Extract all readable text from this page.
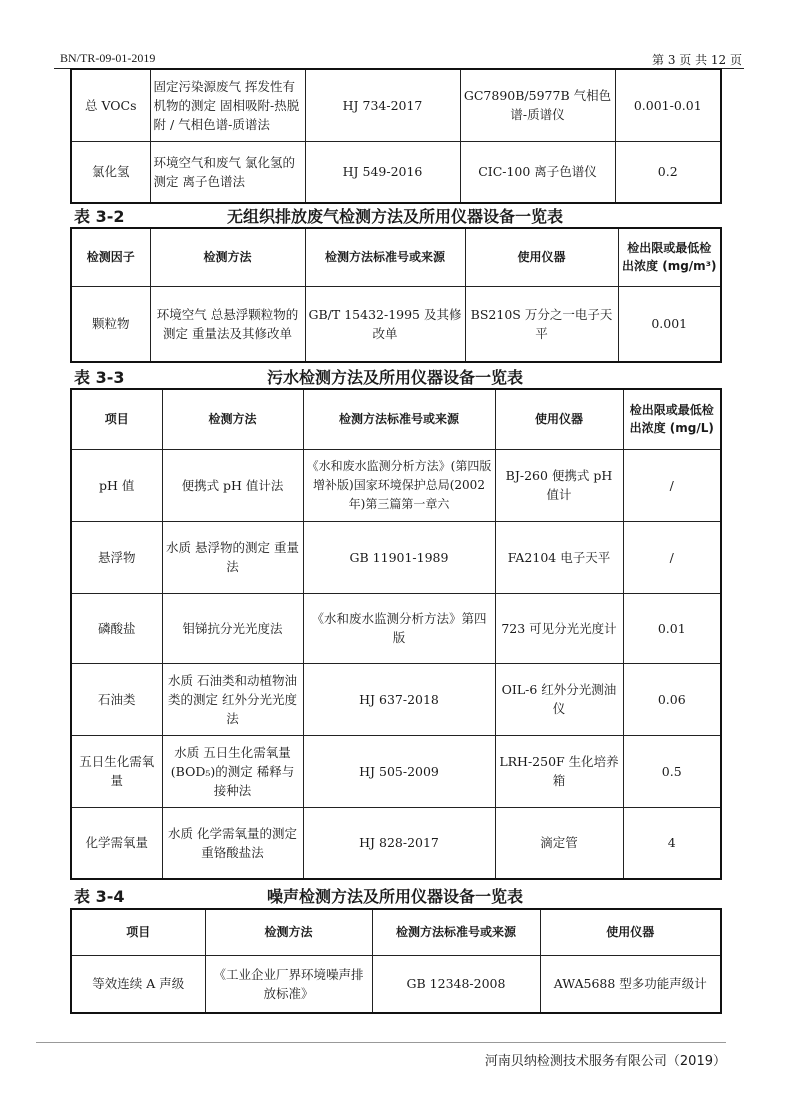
BN/TR-09-01-2019	第 3 页 共 12 页
总 VOCs	固定污染源废气 挥发性有机物的测定 固相吸附-热脱附 / 气相色谱-质谱法	HJ 734-2017	GC7890B/5977B 气相色谱-质谱仪	0.001-0.01
氯化氢	环境空气和废气 氯化氢的测定 离子色谱法	HJ 549-2016	CIC-100 离子色谱仪	0.2
表 3-2	无组织排放废气检测方法及所用仪器设备一览表
检测因子	检测方法	检测方法标准号或来源	使用仪器	检出限或最低检出浓度 (mg/m³)
颗粒物	环境空气 总悬浮颗粒物的测定 重量法及其修改单	GB/T 15432-1995 及其修改单	BS210S 万分之一电子天平	0.001
表 3-3	污水检测方法及所用仪器设备一览表
项目	检测方法	检测方法标准号或来源	使用仪器	检出限或最低检出浓度 (mg/L)
pH 值	便携式 pH 值计法	《水和废水监测分析方法》(第四版增补版)国家环境保护总局(2002 年)第三篇第一章六	BJ-260 便携式 pH 值计	/
悬浮物	水质 悬浮物的测定 重量法	GB 11901-1989	FA2104 电子天平	/
磷酸盐	钼锑抗分光光度法	《水和废水监测分析方法》第四版	723 可见分光光度计	0.01
石油类	水质 石油类和动植物油类的测定 红外分光光度法	HJ 637-2018	OIL-6 红外分光测油仪	0.06
五日生化需氧量	水质 五日生化需氧量(BOD₅)的测定 稀释与接种法	HJ 505-2009	LRH-250F 生化培养箱	0.5
化学需氧量	水质 化学需氧量的测定 重铬酸盐法	HJ 828-2017	滴定管	4
表 3-4	噪声检测方法及所用仪器设备一览表
项目	检测方法	检测方法标准号或来源	使用仪器
等效连续 A 声级	《工业企业厂界环境噪声排放标准》	GB 12348-2008	AWA5688 型多功能声级计
河南贝纳检测技术服务有限公司（2019）
